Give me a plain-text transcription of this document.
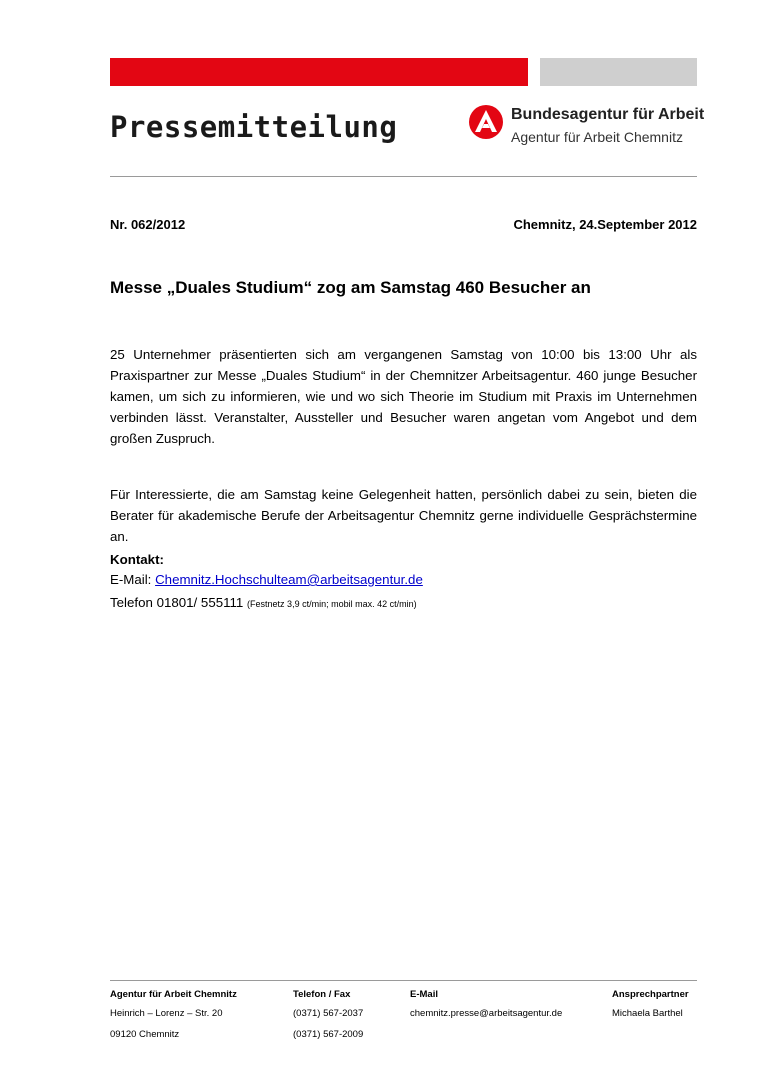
Pressemitteilung	Bundesagentur für Arbeit
Agentur für Arbeit Chemnitz
Nr. 062/2012	Chemnitz, 24.September 2012
Messe „Duales Studium“ zog am Samstag 460 Besucher an
25 Unternehmer präsentierten sich am vergangenen Samstag von 10:00 bis 13:00 Uhr als Praxispartner zur Messe „Duales Studium“ in der Chemnitzer Arbeitsagentur. 460 junge Besucher kamen, um sich zu informieren, wie und wo sich Theorie im Studium mit Praxis im Unternehmen verbinden lässt. Veranstalter, Aussteller und Besucher waren angetan vom Angebot und dem großen Zuspruch.
Für Interessierte, die am Samstag keine Gelegenheit hatten, persönlich dabei zu sein, bieten die Berater für akademische Berufe der Arbeitsagentur Chemnitz gerne individuelle Gesprächstermine an.
Kontakt:
E-Mail: Chemnitz.Hochschulteam@arbeitsagentur.de
Telefon 01801/ 555111 (Festnetz 3,9 ct/min; mobil max. 42 ct/min)
Agentur für Arbeit Chemnitz
Heinrich – Lorenz – Str. 20
09120 Chemnitz
Telefon / Fax
(0371) 567-2037
(0371) 567-2009
E-Mail
chemnitz.presse@arbeitsagentur.de
Ansprechpartner
Michaela Barthel
